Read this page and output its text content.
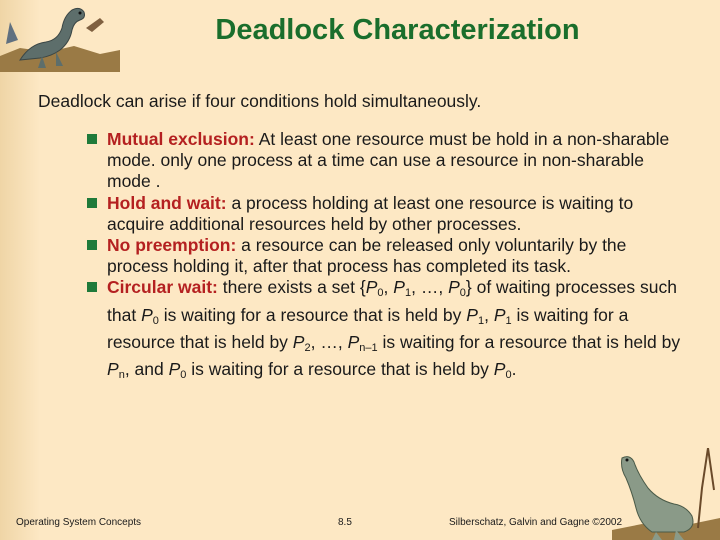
Deadlock Characterization
Deadlock can arise if four conditions hold simultaneously.
Mutual exclusion: At least one resource must be hold in a non-sharable mode. only one process at a time can use a resource in non-sharable mode .
Hold and wait: a process holding at least one resource is waiting to acquire additional resources held by other processes.
No preemption: a resource can be released only voluntarily by the process holding it, after that process has completed its task.
Circular wait: there exists a set {$P_0$, $P_1$, …, $P_0$} of waiting processes such that $P_0$ is waiting for a resource that is held by $P_1$, $P_1$ is waiting for a resource that is held by $P_2$, …, $P_{n-1}$ is waiting for a resource that is held by $P_n$, and $P_0$ is waiting for a resource that is held by $P_0$.
Operating System Concepts	8.5	Silberschatz, Galvin and Gagne ©2002
